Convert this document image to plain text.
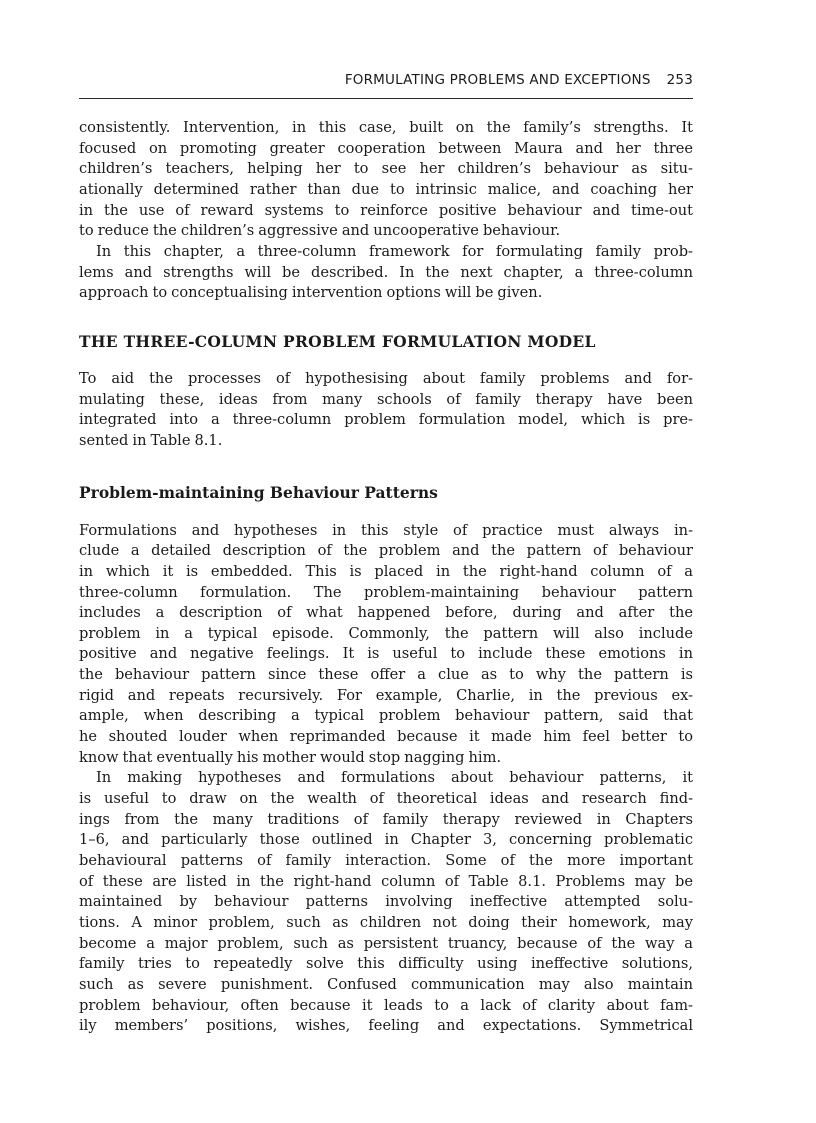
FORMULATING PROBLEMS AND EXCEPTIONS 253
consistently. Intervention, in this case, built on the family’s strengths. It
focused on promoting greater cooperation between Maura and her three
children’s teachers, helping her to see her children’s behaviour as situ-
ationally determined rather than due to intrinsic malice, and coaching her
in the use of reward systems to reinforce positive behaviour and time-out
to reduce the children’s aggressive and uncooperative behaviour.
In this chapter, a three-column framework for formulating family prob-
lems and strengths will be described. In the next chapter, a three-column
approach to conceptualising intervention options will be given.
THE THREE-COLUMN PROBLEM FORMULATION MODEL
To aid the processes of hypothesising about family problems and for-
mulating these, ideas from many schools of family therapy have been
integrated into a three-column problem formulation model, which is pre-
sented in Table 8.1.
Problem-maintaining Behaviour Patterns
Formulations and hypotheses in this style of practice must always in-
clude a detailed description of the problem and the pattern of behaviour
in which it is embedded. This is placed in the right-hand column of a
three-column formulation. The problem-maintaining behaviour pattern
includes a description of what happened before, during and after the
problem in a typical episode. Commonly, the pattern will also include
positive and negative feelings. It is useful to include these emotions in
the behaviour pattern since these offer a clue as to why the pattern is
rigid and repeats recursively. For example, Charlie, in the previous ex-
ample, when describing a typical problem behaviour pattern, said that
he shouted louder when reprimanded because it made him feel better to
know that eventually his mother would stop nagging him.
In making hypotheses and formulations about behaviour patterns, it
is useful to draw on the wealth of theoretical ideas and research find-
ings from the many traditions of family therapy reviewed in Chapters
1–6, and particularly those outlined in Chapter 3, concerning problematic
behavioural patterns of family interaction. Some of the more important
of these are listed in the right-hand column of Table 8.1. Problems may be
maintained by behaviour patterns involving ineffective attempted solu-
tions. A minor problem, such as children not doing their homework, may
become a major problem, such as persistent truancy, because of the way a
family tries to repeatedly solve this difficulty using ineffective solutions,
such as severe punishment. Confused communication may also maintain
problem behaviour, often because it leads to a lack of clarity about fam-
ily members’ positions, wishes, feeling and expectations. Symmetrical
